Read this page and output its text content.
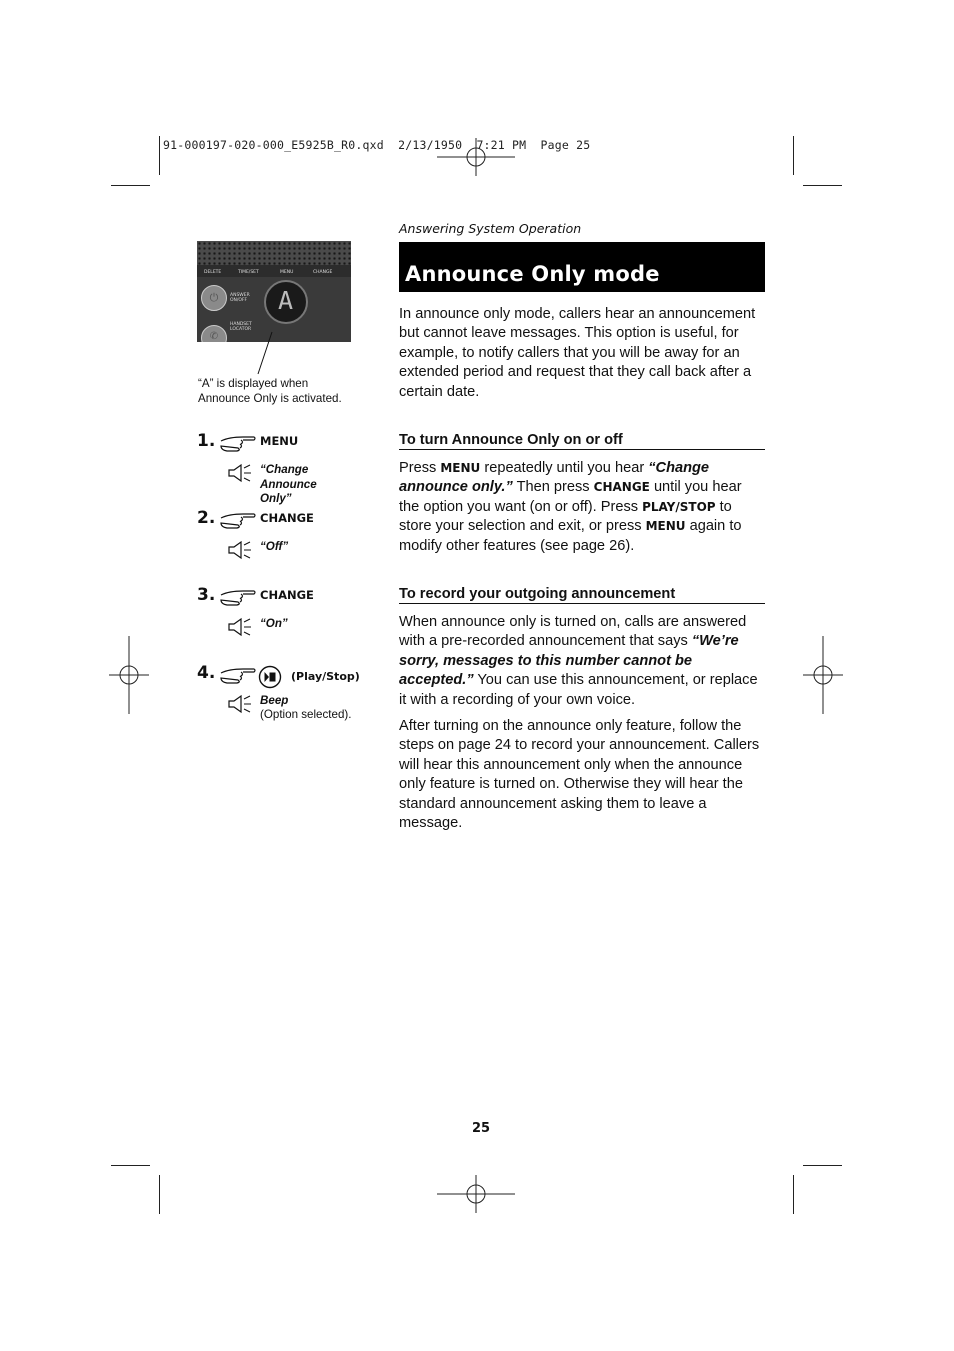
91-000197-020-000_E5925B_R0.qxd  2/13/1950  7:21 PM  Page 25
Answering System Operation
Announce Only mode
In announce only mode, callers hear an announcement but cannot leave messages. This option is useful, for example, to notify callers that you will be away for an extended period and request that they call back after a certain date.
DELETE	TIME/SET	MENU	CHANGE
⏻	ANSWER ON/OFF	A
HANDSET LOCATOR
✆
“A” is displayed when Announce Only is activated.
1.	MENU
“Change Announce Only”
2.	CHANGE
“Off”
3.	CHANGE
“On”
4.	(Play/Stop)
Beep
(Option selected).
To turn Announce Only on or off
Press MENU repeatedly until you hear “Change announce only.” Then press CHANGE until you hear the option you want (on or off). Press PLAY/STOP to store your selection and exit, or press MENU again to modify other features (see page 26).
To record your outgoing announcement
When announce only is turned on, calls are answered with a pre-recorded announcement that says “We’re sorry, messages to this number cannot be accepted.” You can use this announcement, or replace it with a recording of your own voice.
After turning on the announce only feature, follow the steps on page 24 to record your announcement. Callers will hear this announcement only when the announce only feature is turned on. Otherwise they will hear the standard announcement asking them to leave a message.
25
